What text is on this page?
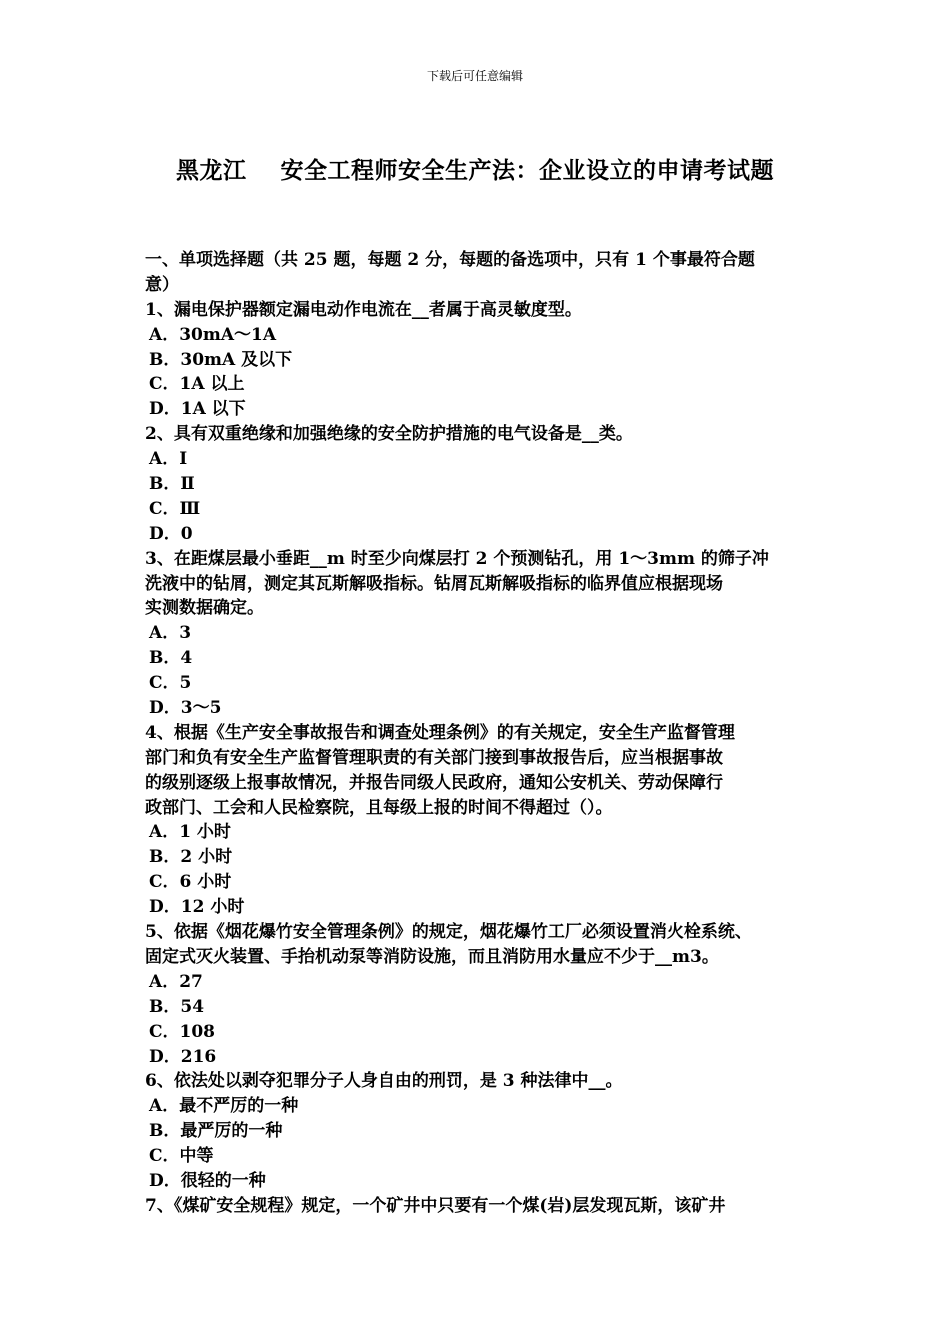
下载后可任意编辑
黑龙江    安全工程师安全生产法：企业设立的申请考试题
一、单项选择题（共 25 题，每题 2 分，每题的备选项中，只有 1 个事最符合题
意）
1、漏电保护器额定漏电动作电流在__者属于高灵敏度型。
A．30mA～1A
B．30mA 及以下
C．1A 以上
D．1A 以下
2、具有双重绝缘和加强绝缘的安全防护措施的电气设备是__类。
A．Ⅰ
B．Ⅱ
C．Ⅲ
D．0
3、在距煤层最小垂距__m 时至少向煤层打 2 个预测钻孔，用 1～3mm 的筛子冲
洗液中的钻屑，测定其瓦斯解吸指标。钻屑瓦斯解吸指标的临界值应根据现场
实测数据确定。
A．3
B．4
C．5
D．3～5
4、根据《生产安全事故报告和调查处理条例》的有关规定，安全生产监督管理
部门和负有安全生产监督管理职责的有关部门接到事故报告后，应当根据事故
的级别逐级上报事故情况，并报告同级人民政府，通知公安机关、劳动保障行
政部门、工会和人民检察院，且每级上报的时间不得超过（）。
A．1 小时
B．2 小时
C．6 小时
D．12 小时
5、依据《烟花爆竹安全管理条例》的规定，烟花爆竹工厂必须设置消火栓系统、
固定式灭火装置、手抬机动泵等消防设施，而且消防用水量应不少于__m3。
A．27
B．54
C．108
D．216
6、依法处以剥夺犯罪分子人身自由的刑罚，是 3 种法律中__。
A．最不严厉的一种
B．最严厉的一种
C．中等
D．很轻的一种
7、《煤矿安全规程》规定，一个矿井中只要有一个煤(岩)层发现瓦斯，该矿井
